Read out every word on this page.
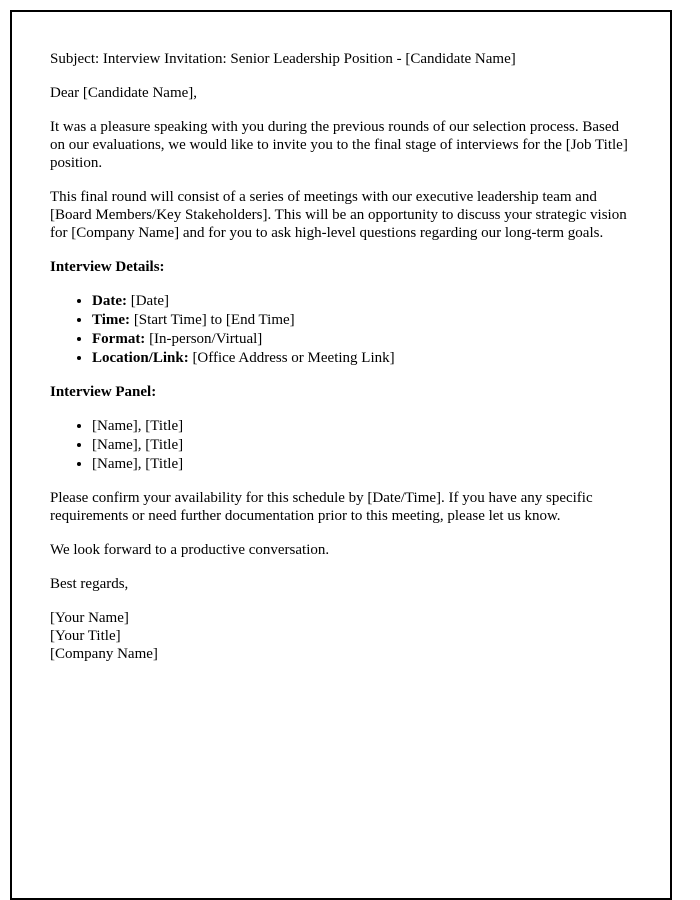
Subject: Interview Invitation: Senior Leadership Position - [Candidate Name]

Dear [Candidate Name],

It was a pleasure speaking with you during the previous rounds of our selection process. Based on our evaluations, we would like to invite you to the final stage of interviews for the [Job Title] position.

This final round will consist of a series of meetings with our executive leadership team and [Board Members/Key Stakeholders]. This will be an opportunity to discuss your strategic vision for [Company Name] and for you to ask high-level questions regarding our long-term goals.

Interview Details:

• Date: [Date]
• Time: [Start Time] to [End Time]
• Format: [In-person/Virtual]
• Location/Link: [Office Address or Meeting Link]

Interview Panel:

• [Name], [Title]
• [Name], [Title]
• [Name], [Title]

Please confirm your availability for this schedule by [Date/Time]. If you have any specific requirements or need further documentation prior to this meeting, please let us know.

We look forward to a productive conversation.

Best regards,

[Your Name]
[Your Title]
[Company Name]
